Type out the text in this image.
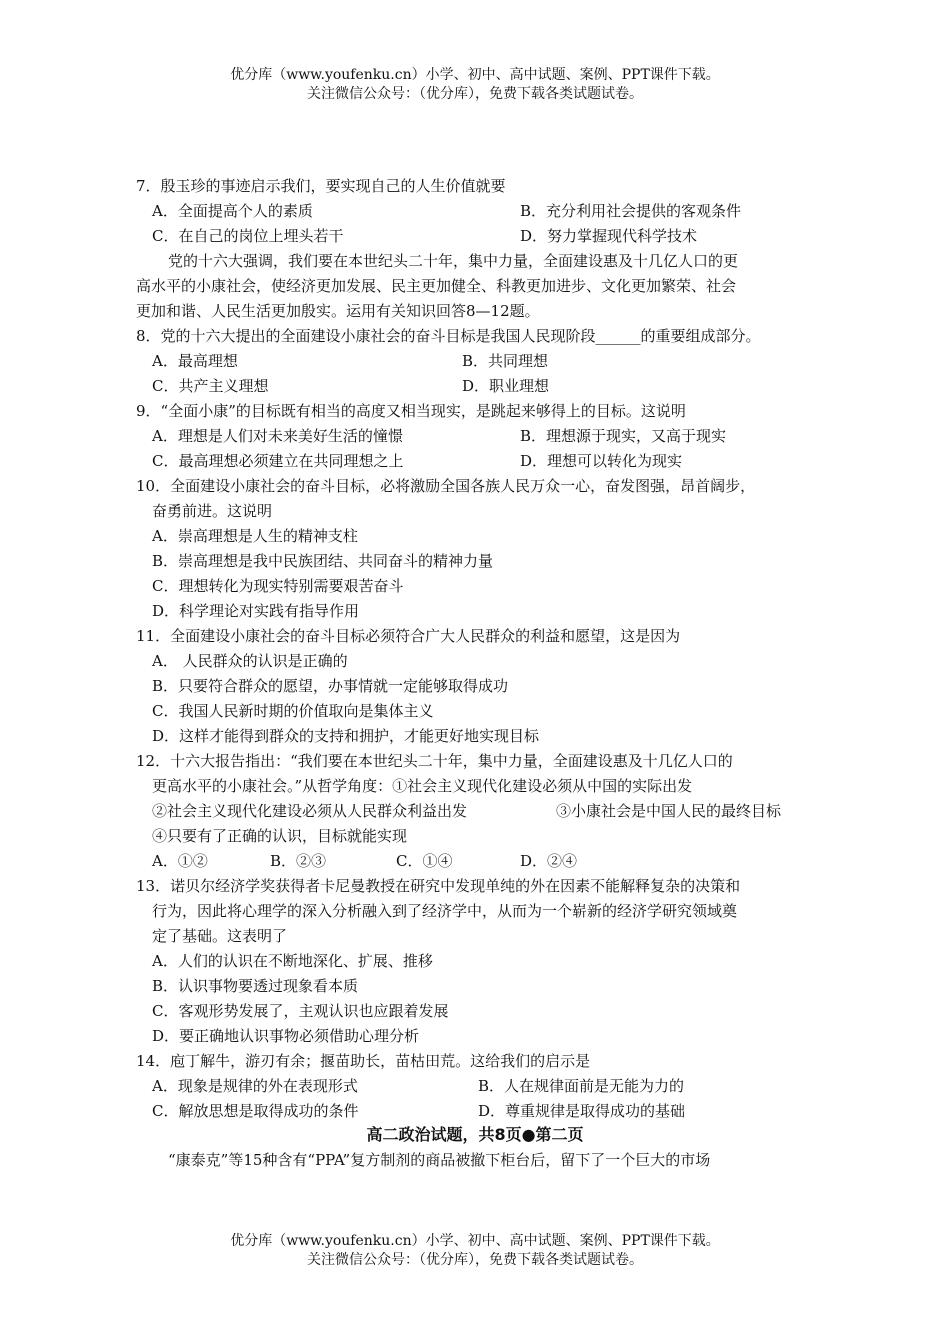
优分库（www.youfenku.cn）小学、初中、高中试题、案例、PPT课件下载。
关注微信公众号：（优分库），免费下载各类试题试卷。
7．殷玉珍的事迹启示我们，要实现自己的人生价值就要
A．全面提高个人的素质	B．充分利用社会提供的客观条件
C．在自己的岗位上埋头若干	D．努力掌握现代科学技术
党的十六大强调，我们要在本世纪头二十年，集中力量，全面建设惠及十几亿人口的更
高水平的小康社会，使经济更加发展、民主更加健全、科教更加进步、文化更加繁荣、社会
更加和谐、人民生活更加殷实。运用有关知识回答8—12题。
8．党的十六大提出的全面建设小康社会的奋斗目标是我国人民现阶段______的重要组成部分。
A．最高理想	B．共同理想
C．共产主义理想	D．职业理想
9．“全面小康”的目标既有相当的高度又相当现实，是跳起来够得上的目标。这说明
A．理想是人们对未来美好生活的憧憬	B．理想源于现实，又高于现实
C．最高理想必须建立在共同理想之上	D．理想可以转化为现实
10．全面建设小康社会的奋斗目标，必将激励全国各族人民万众一心，奋发图强，昂首阔步，
奋勇前进。这说明
A．崇高理想是人生的精神支柱
B．崇高理想是我中民族团结、共同奋斗的精神力量
C．理想转化为现实特别需要艰苦奋斗
D．科学理论对实践有指导作用
11．全面建设小康社会的奋斗目标必须符合广大人民群众的利益和愿望，这是因为
A． 人民群众的认识是正确的
B．只要符合群众的愿望，办事情就一定能够取得成功
C．我国人民新时期的价值取向是集体主义
D．这样才能得到群众的支持和拥护，才能更好地实现目标
12．十六大报告指出：“我们要在本世纪头二十年，集中力量，全面建设惠及十几亿人口的
更高水平的小康社会。”从哲学角度：①社会主义现代化建设必须从中国的实际出发
②社会主义现代化建设必须从人民群众利益出发	③小康社会是中国人民的最终目标
④只要有了正确的认识，目标就能实现
A．①②	B．②③	C．①④	D．②④
13．诺贝尔经济学奖获得者卡尼曼教授在研究中发现单纯的外在因素不能解释复杂的决策和
行为，因此将心理学的深入分析融入到了经济学中，从而为一个崭新的经济学研究领域奠
定了基础。这表明了
A．人们的认识在不断地深化、扩展、推移
B．认识事物要透过现象看本质
C．客观形势发展了，主观认识也应跟着发展
D．要正确地认识事物必须借助心理分析
14．庖丁解牛，游刃有余；揠苗助长，苗枯田荒。这给我们的启示是
A．现象是规律的外在表现形式	B．人在规律面前是无能为力的
C．解放思想是取得成功的条件	D．尊重规律是取得成功的基础
高二政治试题，共8页●第二页
“康泰克”等15种含有“PPA”复方制剂的商品被撤下柜台后，留下了一个巨大的市场
优分库（www.youfenku.cn）小学、初中、高中试题、案例、PPT课件下载。
关注微信公众号：（优分库），免费下载各类试题试卷。
